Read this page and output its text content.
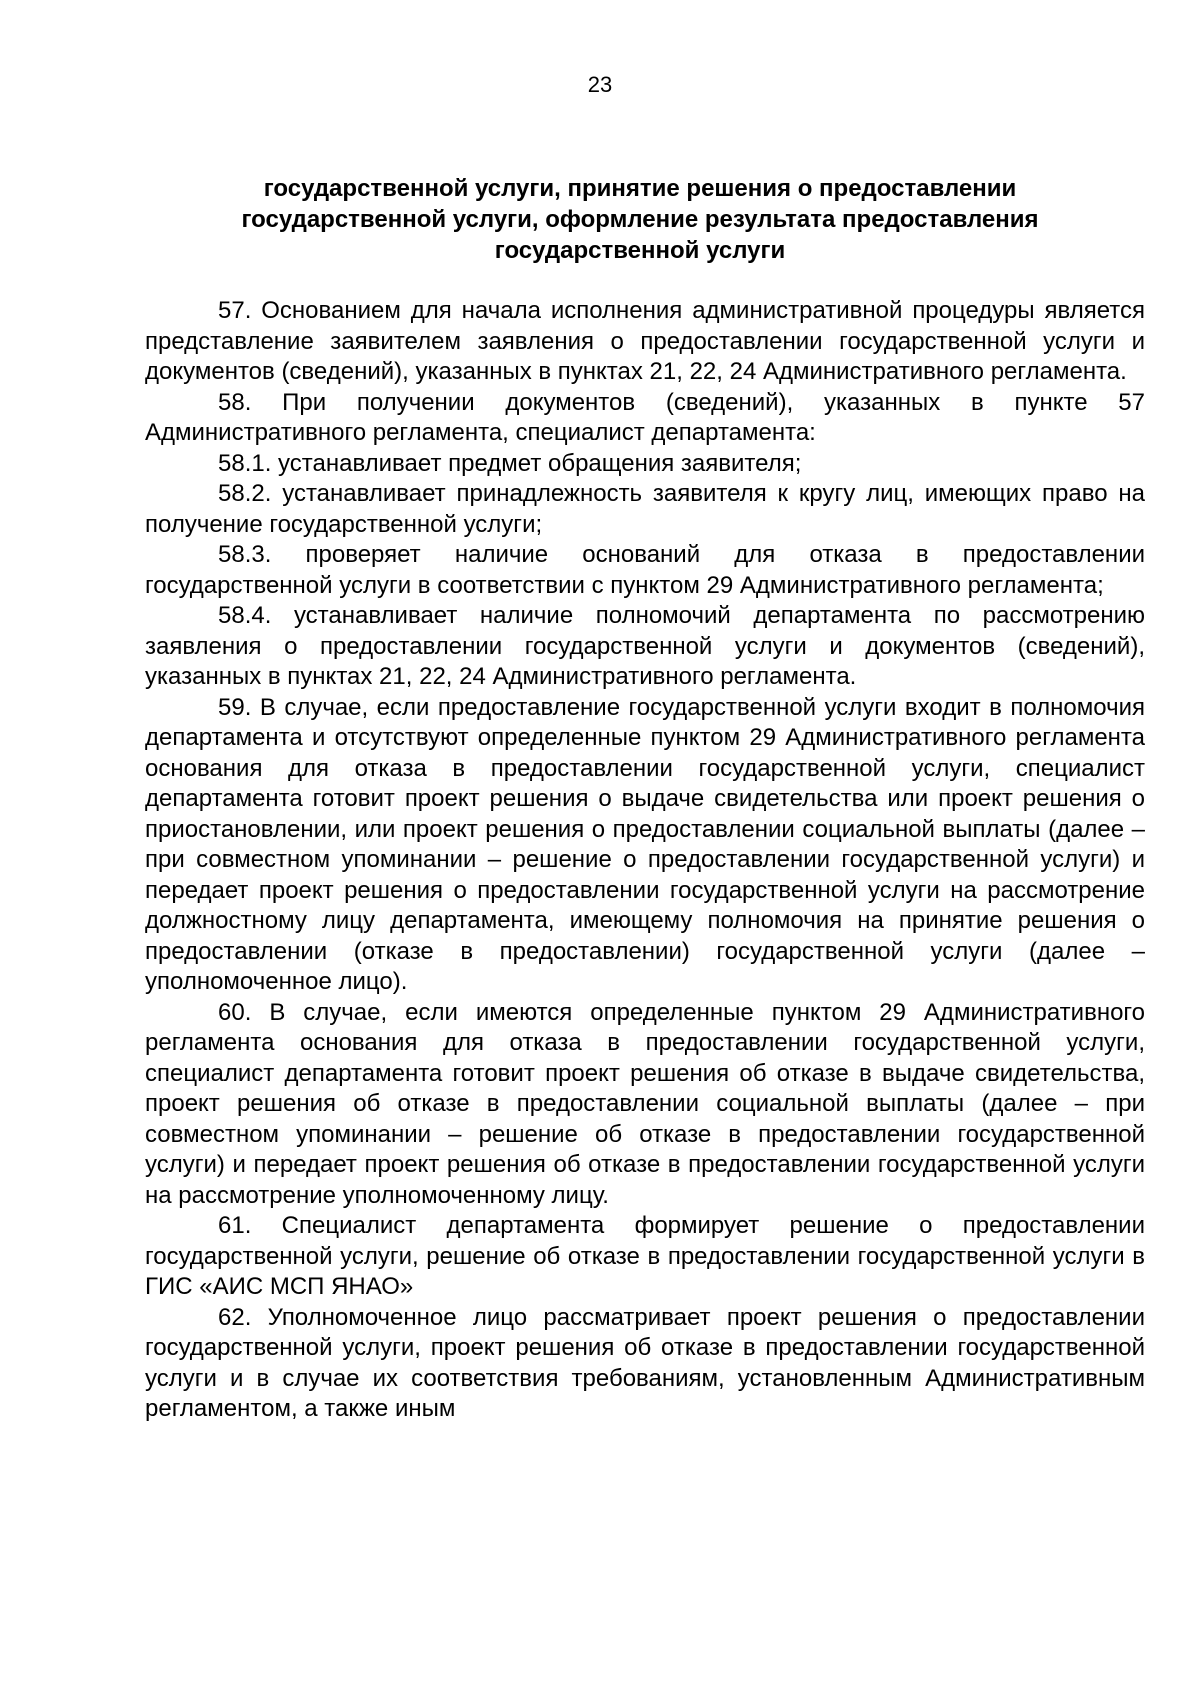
23
государственной услуги, принятие решения о предоставлении
государственной услуги, оформление результата предоставления
государственной услуги

57. Основанием для начала исполнения административной процедуры является представление заявителем заявления о предоставлении государственной услуги и документов (сведений), указанных в пунктах 21, 22, 24 Административного регламента.

58. При получении документов (сведений), указанных в пункте 57 Административного регламента, специалист департамента:

58.1. устанавливает предмет обращения заявителя;

58.2. устанавливает принадлежность заявителя к кругу лиц, имеющих право на получение государственной услуги;

58.3. проверяет наличие оснований для отказа в предоставлении государственной услуги в соответствии с пунктом 29 Административного регламента;

58.4. устанавливает наличие полномочий департамента по рассмотрению заявления о предоставлении государственной услуги и документов (сведений), указанных в пунктах 21, 22, 24 Административного регламента.

59. В случае, если предоставление государственной услуги входит в полномочия департамента и отсутствуют определенные пунктом 29 Административного регламента основания для отказа в предоставлении государственной услуги, специалист департамента готовит проект решения о выдаче свидетельства или проект решения о приостановлении, или проект решения о предоставлении социальной выплаты (далее – при совместном упоминании – решение о предоставлении государственной услуги) и передает проект решения о предоставлении государственной услуги на рассмотрение должностному лицу департамента, имеющему полномочия на принятие решения о предоставлении (отказе в предоставлении) государственной услуги (далее – уполномоченное лицо).

60. В случае, если имеются определенные пунктом 29 Административного регламента основания для отказа в предоставлении государственной услуги, специалист департамента готовит проект решения об отказе в выдаче свидетельства, проект решения об отказе в предоставлении социальной выплаты (далее – при совместном упоминании – решение об отказе в предоставлении государственной услуги) и передает проект решения об отказе в предоставлении государственной услуги на рассмотрение уполномоченному лицу.

61. Специалист департамента формирует решение о предоставлении государственной услуги, решение об отказе в предоставлении государственной услуги в ГИС «АИС МСП ЯНАО»

62. Уполномоченное лицо рассматривает проект решения о предоставлении государственной услуги, проект решения об отказе в предоставлении государственной услуги и в случае их соответствия требованиям, установленным Административным регламентом, а также иным
